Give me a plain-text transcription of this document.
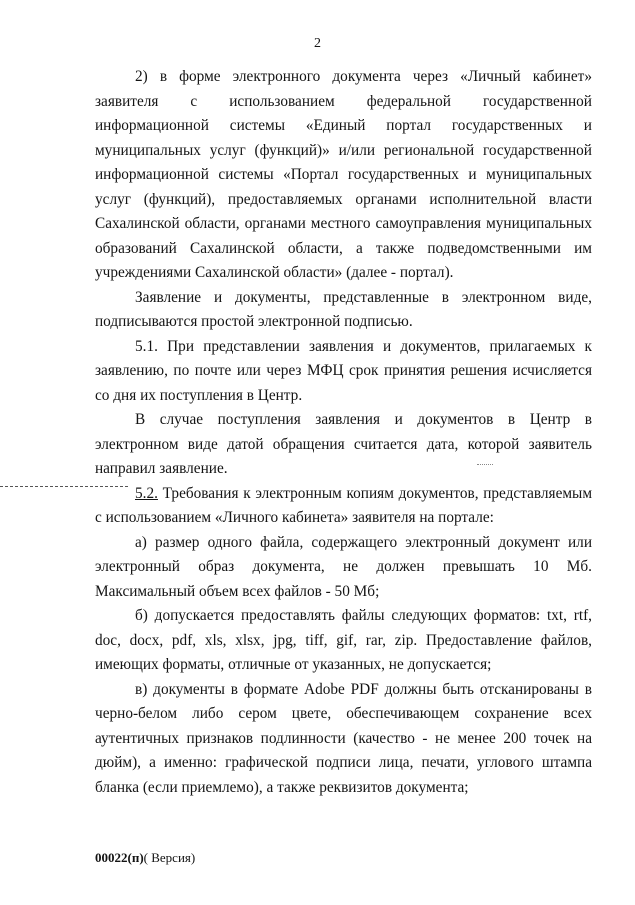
2

2) в форме электронного документа через «Личный кабинет» заявителя с использованием федеральной государственной информационной системы «Единый портал государственных и муниципальных услуг (функций)» и/или региональной государственной информационной системы «Портал государственных и муниципальных услуг (функций), предоставляемых органами исполнительной власти Сахалинской области, органами местного самоуправления муниципальных образований Сахалинской области, а также подведомственными им учреждениями Сахалинской области» (далее - портал).

Заявление и документы, представленные в электронном виде, подписываются простой электронной подписью.

5.1. При представлении заявления и документов, прилагаемых к заявлению, по почте или через МФЦ срок принятия решения исчисляется со дня их поступления в Центр.

В случае поступления заявления и документов в Центр в электронном виде датой обращения считается дата, которой заявитель направил заявление.

5.2. Требования к электронным копиям документов, представляемым с использованием «Личного кабинета» заявителя на портале:

а) размер одного файла, содержащего электронный документ или электронный образ документа, не должен превышать 10 Мб. Максимальный объем всех файлов - 50 Мб;

б) допускается предоставлять файлы следующих форматов: txt, rtf, doc, docx, pdf, xls, xlsx, jpg, tiff, gif, rar, zip. Предоставление файлов, имеющих форматы, отличные от указанных, не допускается;

в) документы в формате Adobe PDF должны быть отсканированы в черно-белом либо сером цвете, обеспечивающем сохранение всех аутентичных признаков подлинности (качество - не менее 200 точек на дюйм), а именно: графической подписи лица, печати, углового штампа бланка (если приемлемо), а также реквизитов документа;

00022(п)( Версия)
